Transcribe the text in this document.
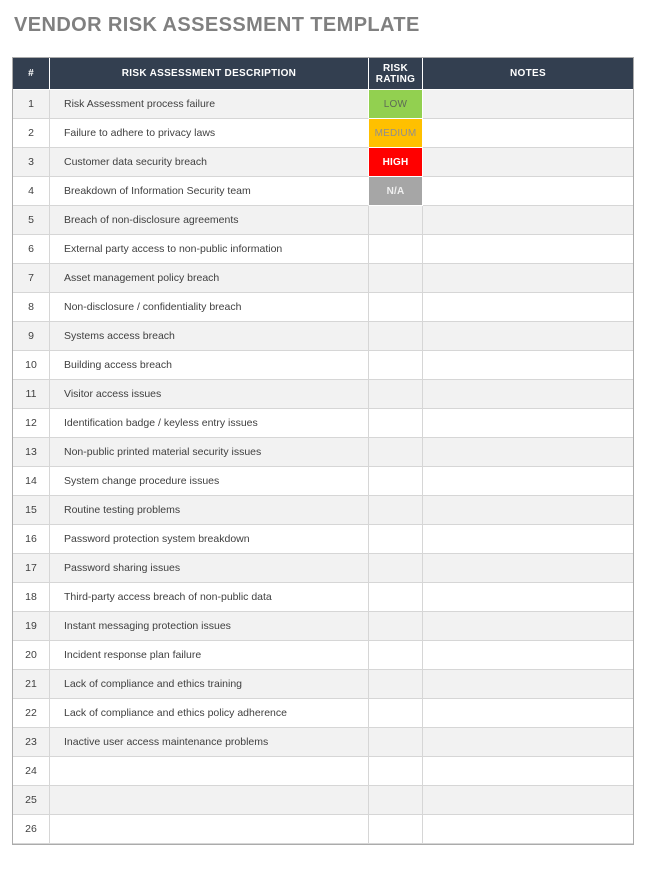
VENDOR RISK ASSESSMENT TEMPLATE
#	RISK ASSESSMENT DESCRIPTION	RISK RATING	NOTES
1	Risk Assessment process failure	LOW	

2	Failure to adhere to privacy laws	MEDIUM	

3	Customer data security breach	HIGH	

4	Breakdown of Information Security team	N/A	

5	Breach of non-disclosure agreements		
6	External party access to non-public information		
7	Asset management policy breach		
8	Non-disclosure / confidentiality breach		
9	Systems access breach		
10	Building access breach		
11	Visitor access issues		
12	Identification badge / keyless entry issues		
13	Non-public printed material security issues		
14	System change procedure issues		
15	Routine testing problems		
16	Password protection system breakdown		
17	Password sharing issues		
18	Third-party access breach of non-public data		
19	Instant messaging protection issues		
20	Incident response plan failure		
21	Lack of compliance and ethics training		
22	Lack of compliance and ethics policy adherence		
23	Inactive user access maintenance problems		
24			
25			
26			
